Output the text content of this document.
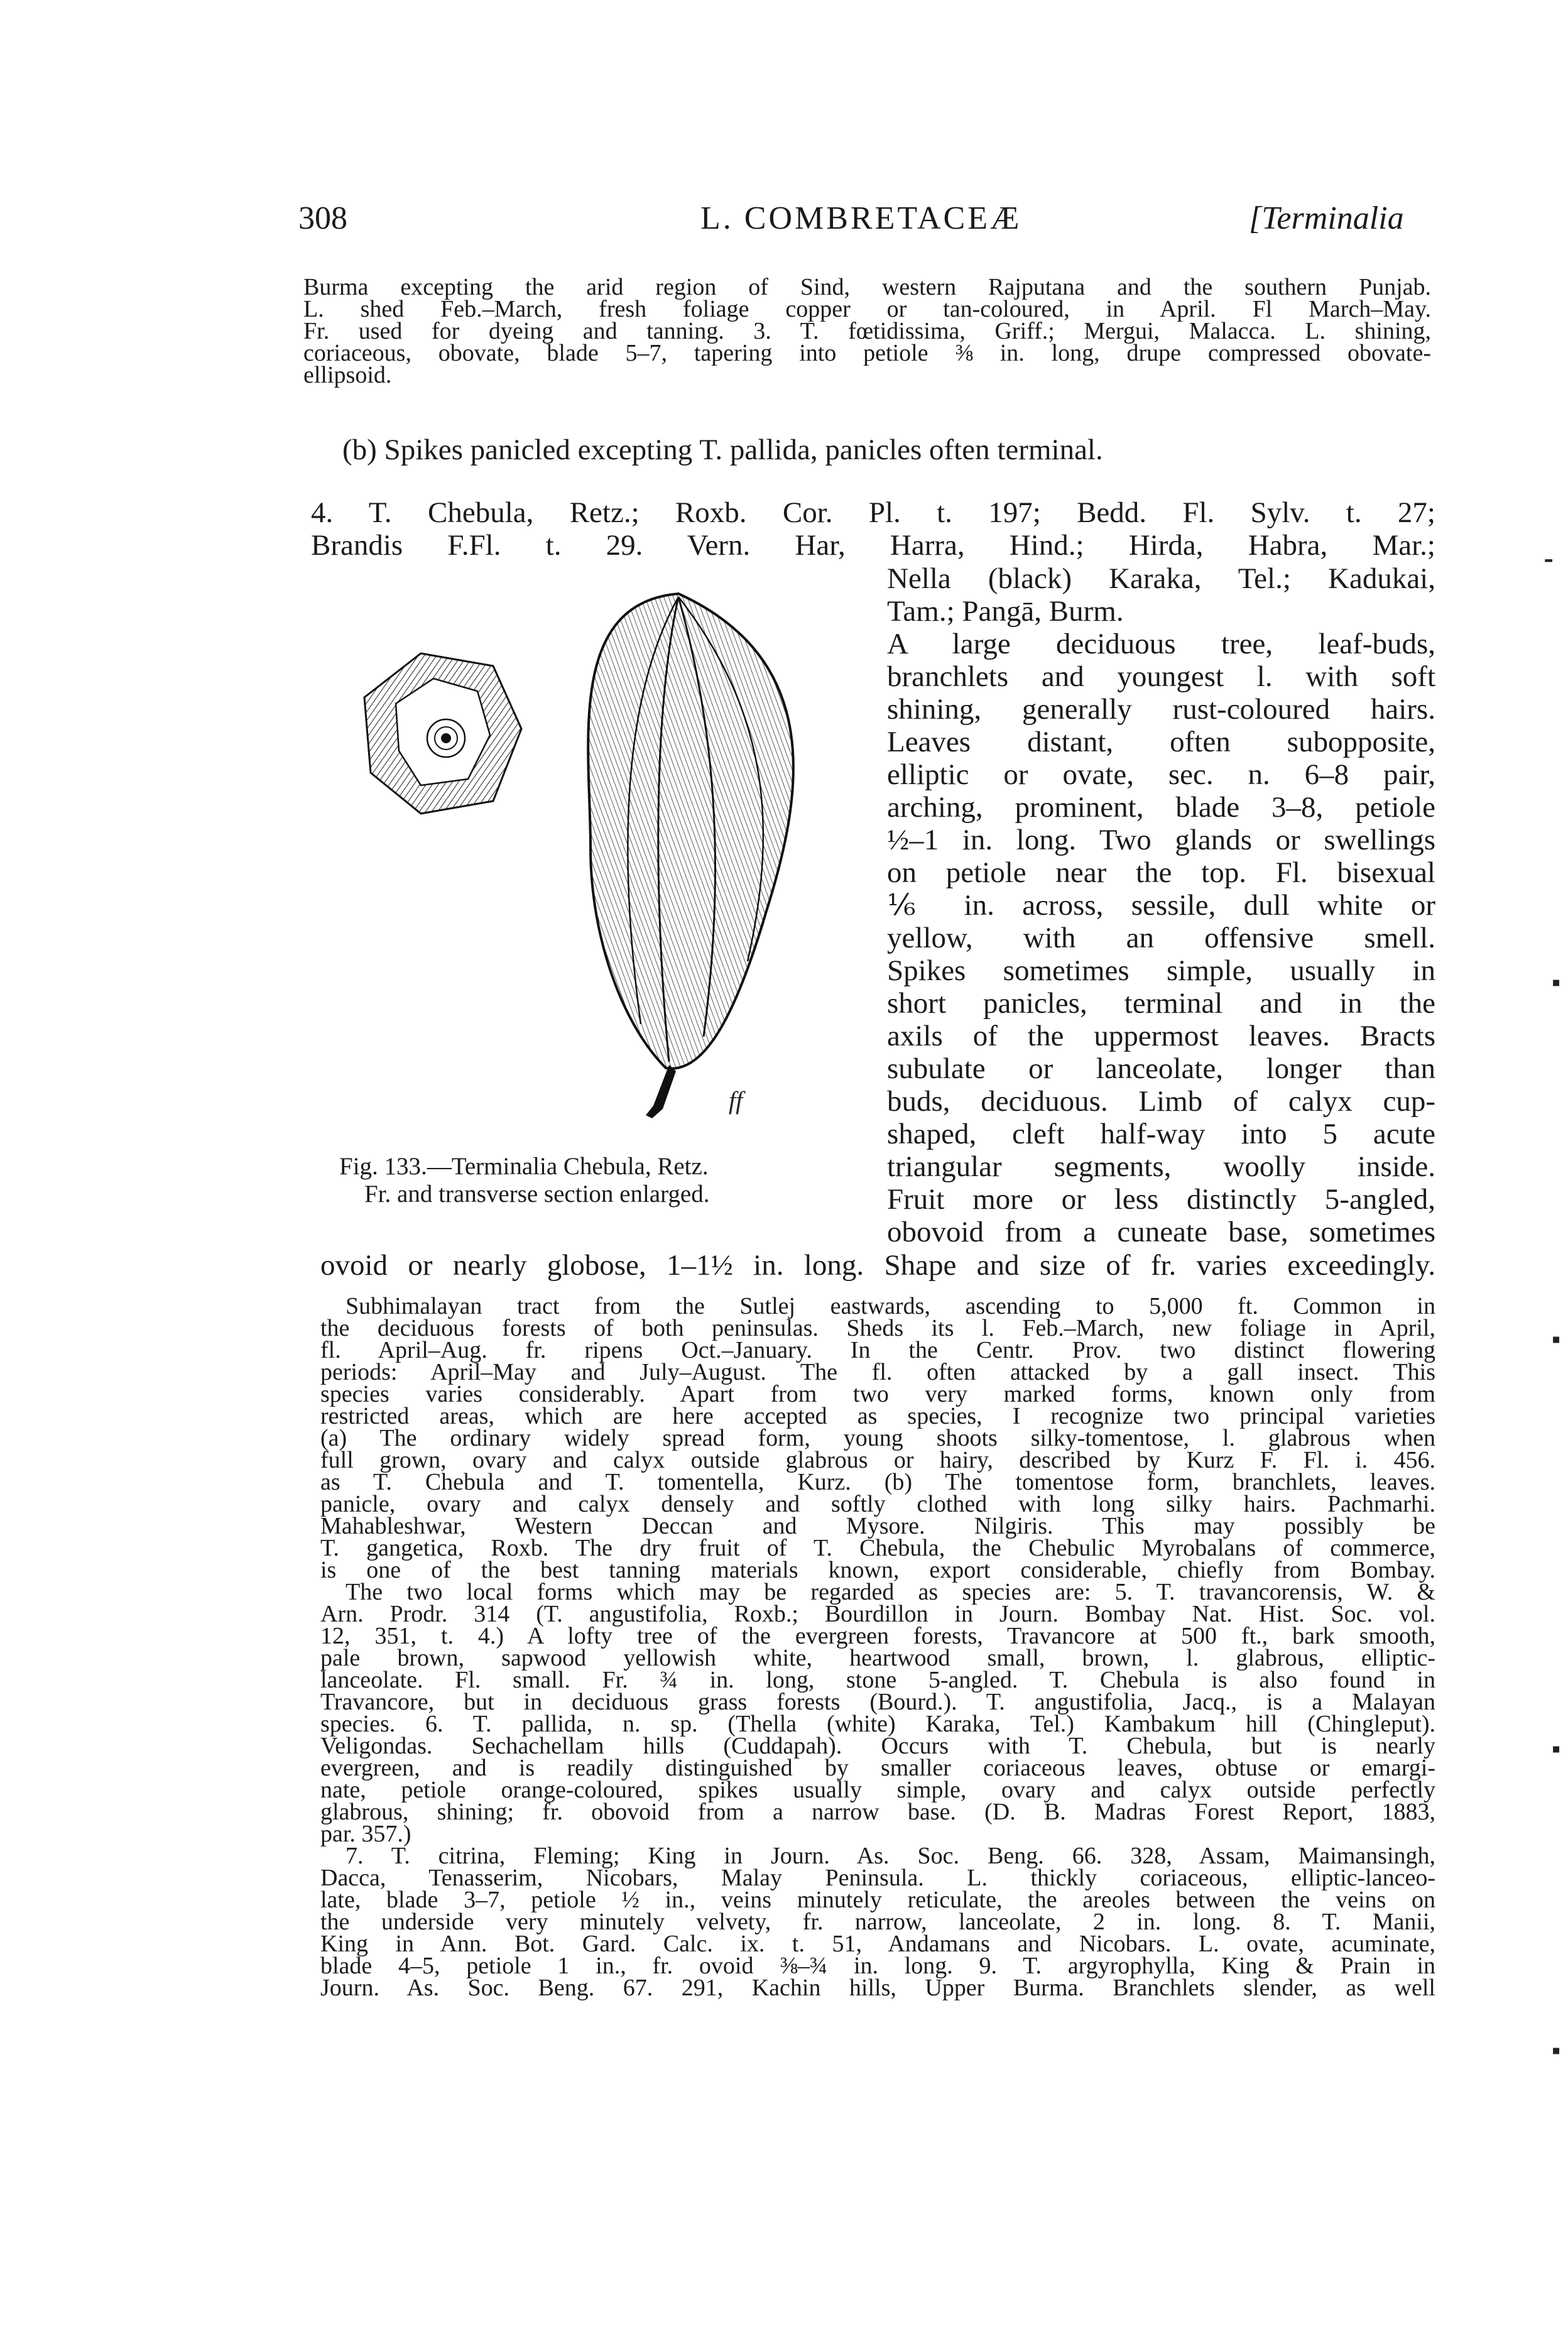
308	L. COMBRETACEÆ	[Terminalia
Burma excepting the arid region of Sind, western Rajputana and the southern Punjab.
L. shed Feb.–March, fresh foliage copper or tan-coloured, in April. Fl March–May.
Fr. used for dyeing and tanning. 3. T. fœtidissima, Griff.; Mergui, Malacca. L. shining,
coriaceous, obovate, blade 5–7, tapering into petiole ⅜ in. long, drupe compressed obovate-
ellipsoid.
(b) Spikes panicled excepting T. pallida, panicles often terminal.
4. T. Chebula, Retz.; Roxb. Cor. Pl. t. 197; Bedd. Fl. Sylv. t. 27;
Brandis F.Fl. t. 29. Vern. Har, Harra, Hind.; Hirda, Habra, Mar.;
Nella (black) Karaka, Tel.; Kadukai,
Tam.; Pangā, Burm.
A large deciduous tree, leaf-buds,
branchlets and youngest l. with soft
shining, generally rust-coloured hairs.
Leaves distant, often subopposite,
elliptic or ovate, sec. n. 6–8 pair,
arching, prominent, blade 3–8, petiole
½–1 in. long. Two glands or swellings
on petiole near the top. Fl. bisexual
⅙ in. across, sessile, dull white or
yellow, with an offensive smell.
Spikes sometimes simple, usually in
short panicles, terminal and in the
axils of the uppermost leaves. Bracts
subulate or lanceolate, longer than
buds, deciduous. Limb of calyx cup-
shaped, cleft half-way into 5 acute
triangular segments, woolly inside.
Fruit more or less distinctly 5-angled,
obovoid from a cuneate base, sometimes
ovoid or nearly globose, 1–1½ in. long. Shape and size of fr. varies exceedingly.
ff
Fig. 133.—Terminalia Chebula, Retz.
Fr. and transverse section enlarged.
Subhimalayan tract from the Sutlej eastwards, ascending to 5,000 ft. Common in
the deciduous forests of both peninsulas. Sheds its l. Feb.–March, new foliage in April,
fl. April–Aug. fr. ripens Oct.–January. In the Centr. Prov. two distinct flowering
periods: April–May and July–August. The fl. often attacked by a gall insect. This
species varies considerably. Apart from two very marked forms, known only from
restricted areas, which are here accepted as species, I recognize two principal varieties
(a) The ordinary widely spread form, young shoots silky-tomentose, l. glabrous when
full grown, ovary and calyx outside glabrous or hairy, described by Kurz F. Fl. i. 456.
as T. Chebula and T. tomentella, Kurz. (b) The tomentose form, branchlets, leaves.
panicle, ovary and calyx densely and softly clothed with long silky hairs. Pachmarhi.
Mahableshwar, Western Deccan and Mysore. Nilgiris. This may possibly be
T. gangetica, Roxb. The dry fruit of T. Chebula, the Chebulic Myrobalans of commerce,
is one of the best tanning materials known, export considerable, chiefly from Bombay.
The two local forms which may be regarded as species are: 5. T. travancorensis, W. &
Arn. Prodr. 314 (T. angustifolia, Roxb.; Bourdillon in Journ. Bombay Nat. Hist. Soc. vol.
12, 351, t. 4.) A lofty tree of the evergreen forests, Travancore at 500 ft., bark smooth,
pale brown, sapwood yellowish white, heartwood small, brown, l. glabrous, elliptic-
lanceolate. Fl. small. Fr. ¾ in. long, stone 5-angled. T. Chebula is also found in
Travancore, but in deciduous grass forests (Bourd.). T. angustifolia, Jacq., is a Malayan
species. 6. T. pallida, n. sp. (Thella (white) Karaka, Tel.) Kambakum hill (Chingleput).
Veligondas. Sechachellam hills (Cuddapah). Occurs with T. Chebula, but is nearly
evergreen, and is readily distinguished by smaller coriaceous leaves, obtuse or emargi-
nate, petiole orange-coloured, spikes usually simple, ovary and calyx outside perfectly
glabrous, shining; fr. obovoid from a narrow base. (D. B. Madras Forest Report, 1883,
par. 357.)
7. T. citrina, Fleming; King in Journ. As. Soc. Beng. 66. 328, Assam, Maimansingh,
Dacca, Tenasserim, Nicobars, Malay Peninsula. L. thickly coriaceous, elliptic-lanceo-
late, blade 3–7, petiole ½ in., veins minutely reticulate, the areoles between the veins on
the underside very minutely velvety, fr. narrow, lanceolate, 2 in. long. 8. T. Manii,
King in Ann. Bot. Gard. Calc. ix. t. 51, Andamans and Nicobars. L. ovate, acuminate,
blade 4–5, petiole 1 in., fr. ovoid ⅜–¾ in. long. 9. T. argyrophylla, King & Prain in
Journ. As. Soc. Beng. 67. 291, Kachin hills, Upper Burma. Branchlets slender, as well
⁃
▪
▪
▪
▪
